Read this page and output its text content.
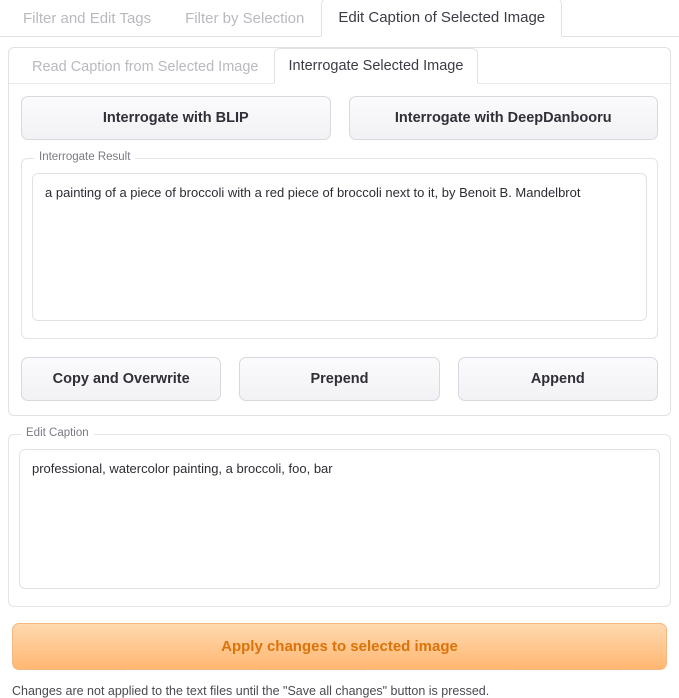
Filter and Edit Tags	Filter by Selection	Edit Caption of Selected Image
Read Caption from Selected Image	Interrogate Selected Image
Interrogate with BLIP	Interrogate with DeepDanbooru
Interrogate Result
a painting of a piece of broccoli with a red piece of broccoli next to it, by Benoit B. Mandelbrot
Copy and Overwrite	Prepend	Append
Edit Caption
professional, watercolor painting, a broccoli, foo, bar
Apply changes to selected image
Changes are not applied to the text files until the "Save all changes" button is pressed.
